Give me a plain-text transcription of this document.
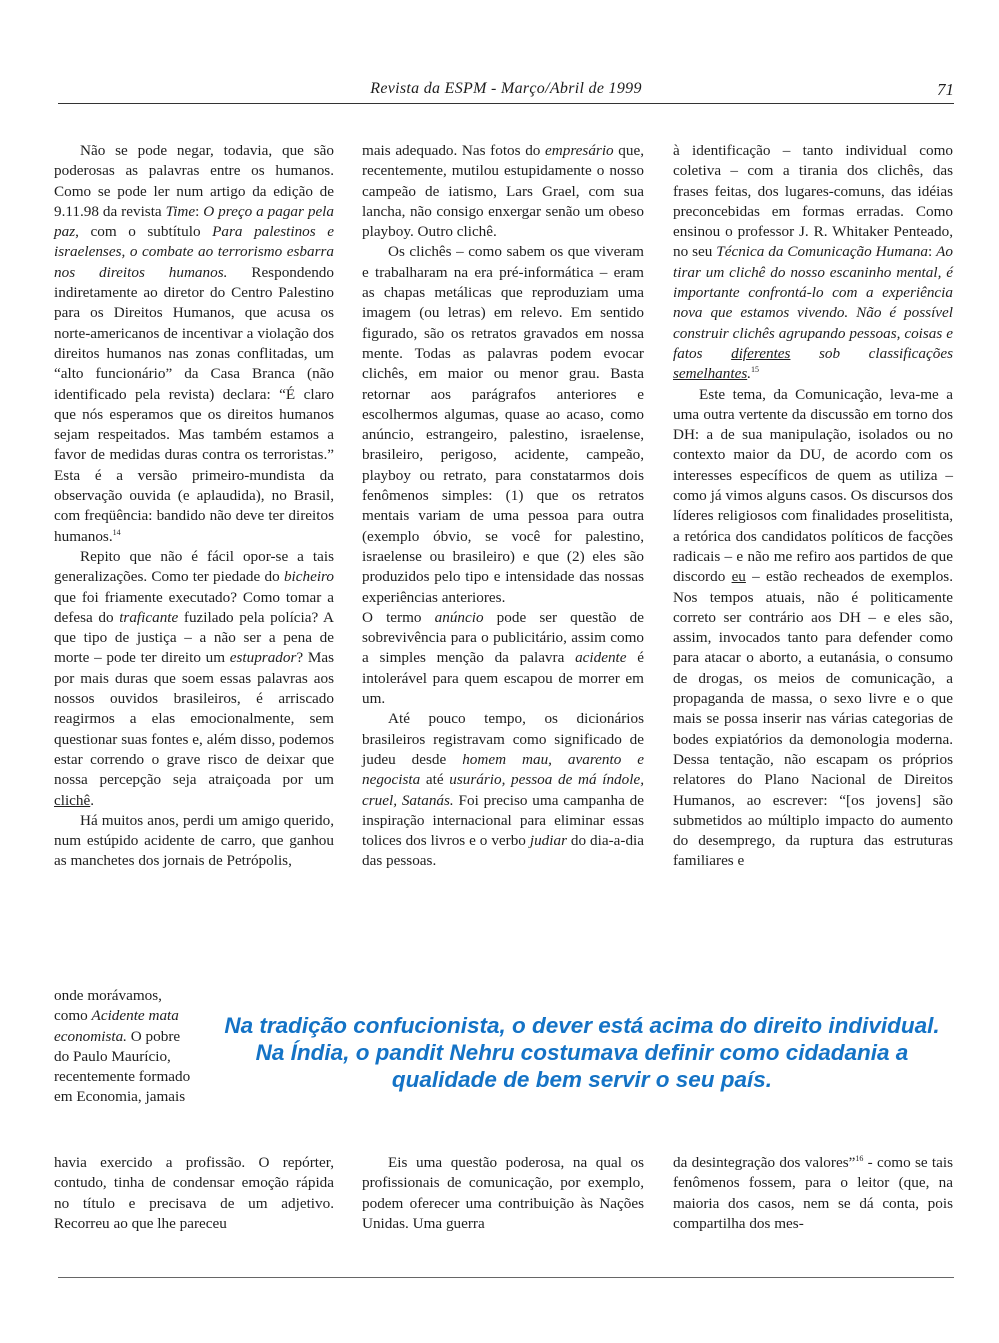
Revista da ESPM - Março/Abril de 1999	71

Não se pode negar, todavia, que são poderosas as palavras entre os humanos. Como se pode ler num artigo da edição de 9.11.98 da revista Time: O preço a pagar pela paz, com o subtítulo Para palestinos e israelenses, o combate ao terrorismo esbarra nos direitos humanos. Respondendo indiretamente ao diretor do Centro Palestino para os Direitos Humanos, que acusa os norte-americanos de incentivar a violação dos direitos humanos nas zonas conflitadas, um “alto funcionário” da Casa Branca (não identificado pela revista) declara: “É claro que nós esperamos que os direitos humanos sejam respeitados. Mas também estamos a favor de medidas duras contra os terroristas.” Esta é a versão primeiro-mundista da observação ouvida (e aplaudida), no Brasil, com freqüência: bandido não deve ter direitos humanos.$^{14}$

Repito que não é fácil opor-se a tais generalizações. Como ter piedade do bicheiro que foi friamente executado? Como tomar a defesa do traficante fuzilado pela polícia? A que tipo de justiça – a não ser a pena de morte – pode ter direito um estuprador? Mas por mais duras que soem essas palavras aos nossos ouvidos brasileiros, é arriscado reagirmos a elas emocionalmente, sem questionar suas fontes e, além disso, podemos estar correndo o grave risco de deixar que nossa percepção seja atraiçoada por um clichê.

Há muitos anos, perdi um amigo querido, num estúpido acidente de carro, que ganhou as manchetes dos jornais de Petrópolis,

onde morávamos, como Acidente mata economista. O pobre do Paulo Maurício, recentemente formado em Economia, jamais

mais adequado. Nas fotos do empresário que, recentemente, mutilou estupidamente o nosso campeão de iatismo, Lars Grael, com sua lancha, não consigo enxergar senão um obeso playboy. Outro clichê.

Os clichês – como sabem os que viveram e trabalharam na era pré-informática – eram as chapas metálicas que reproduziam uma imagem (ou letras) em relevo. Em sentido figurado, são os retratos gravados em nossa mente. Todas as palavras podem evocar clichês, em maior ou menor grau. Basta retornar aos parágrafos anteriores e escolhermos algumas, quase ao acaso, como anúncio, estrangeiro, palestino, israelense, brasileiro, perigoso, acidente, campeão, playboy ou retrato, para constatarmos dois fenômenos simples: (1) que os retratos mentais variam de uma pessoa para outra (exemplo óbvio, se você for palestino, israelense ou brasileiro) e que (2) eles são produzidos pelo tipo e intensidade das nossas experiências anteriores.

O termo anúncio pode ser questão de sobrevivência para o publicitário, assim como a simples menção da palavra acidente é intolerável para quem escapou de morrer em um.

Até pouco tempo, os dicionários brasileiros registravam como significado de judeu desde homem mau, avarento e negocista até usurário, pessoa de má índole, cruel, Satanás. Foi preciso uma campanha de inspiração internacional para eliminar essas tolices dos livros e o verbo judiar do dia-a-dia das pessoas.

à identificação – tanto individual como coletiva – com a tirania dos clichês, das frases feitas, dos lugares-comuns, das idéias preconcebidas em formas erradas. Como ensinou o professor J. R. Whitaker Penteado, no seu Técnica da Comunicação Humana: Ao tirar um clichê do nosso escaninho mental, é importante confrontá-lo com a experiência nova que estamos vivendo. Não é possível construir clichês agrupando pessoas, coisas e fatos diferentes sob classificações semelhantes.$^{15}$

Este tema, da Comunicação, leva-me a uma outra vertente da discussão em torno dos DH: a de sua manipulação, isolados ou no contexto maior da DU, de acordo com os interesses específicos de quem as utiliza – como já vimos alguns casos. Os discursos dos líderes religiosos com finalidades proselitista, a retórica dos candidatos políticos de facções radicais – e não me refiro aos partidos de que discordo eu – estão recheados de exemplos. Nos tempos atuais, não é politicamente correto ser contrário aos DH – e eles são, assim, invocados tanto para defender como para atacar o aborto, a eutanásia, o consumo de drogas, os meios de comunicação, a propaganda de massa, o sexo livre e o que mais se possa inserir nas várias categorias de bodes expiatórios da demonologia moderna. Dessa tentação, não escapam os próprios relatores do Plano Nacional de Direitos Humanos, ao escrever: “[os jovens] são submetidos ao múltiplo impacto do aumento do desemprego, da ruptura das estruturas familiares e

Na tradição confucionista, o dever está acima do direito individual. Na Índia, o pandit Nehru costumava definir como cidadania a qualidade de bem servir o seu país.

havia exercido a profissão. O repórter, contudo, tinha de condensar emoção rápida no título e precisava de um adjetivo. Recorreu ao que lhe pareceu

Eis uma questão poderosa, na qual os profissionais de comunicação, por exemplo, podem oferecer uma contribuição às Nações Unidas. Uma guerra

da desintegração dos valores”$^{16}$ - como se tais fenômenos fossem, para o leitor (que, na maioria dos casos, nem se dá conta, pois compartilha dos mes-
